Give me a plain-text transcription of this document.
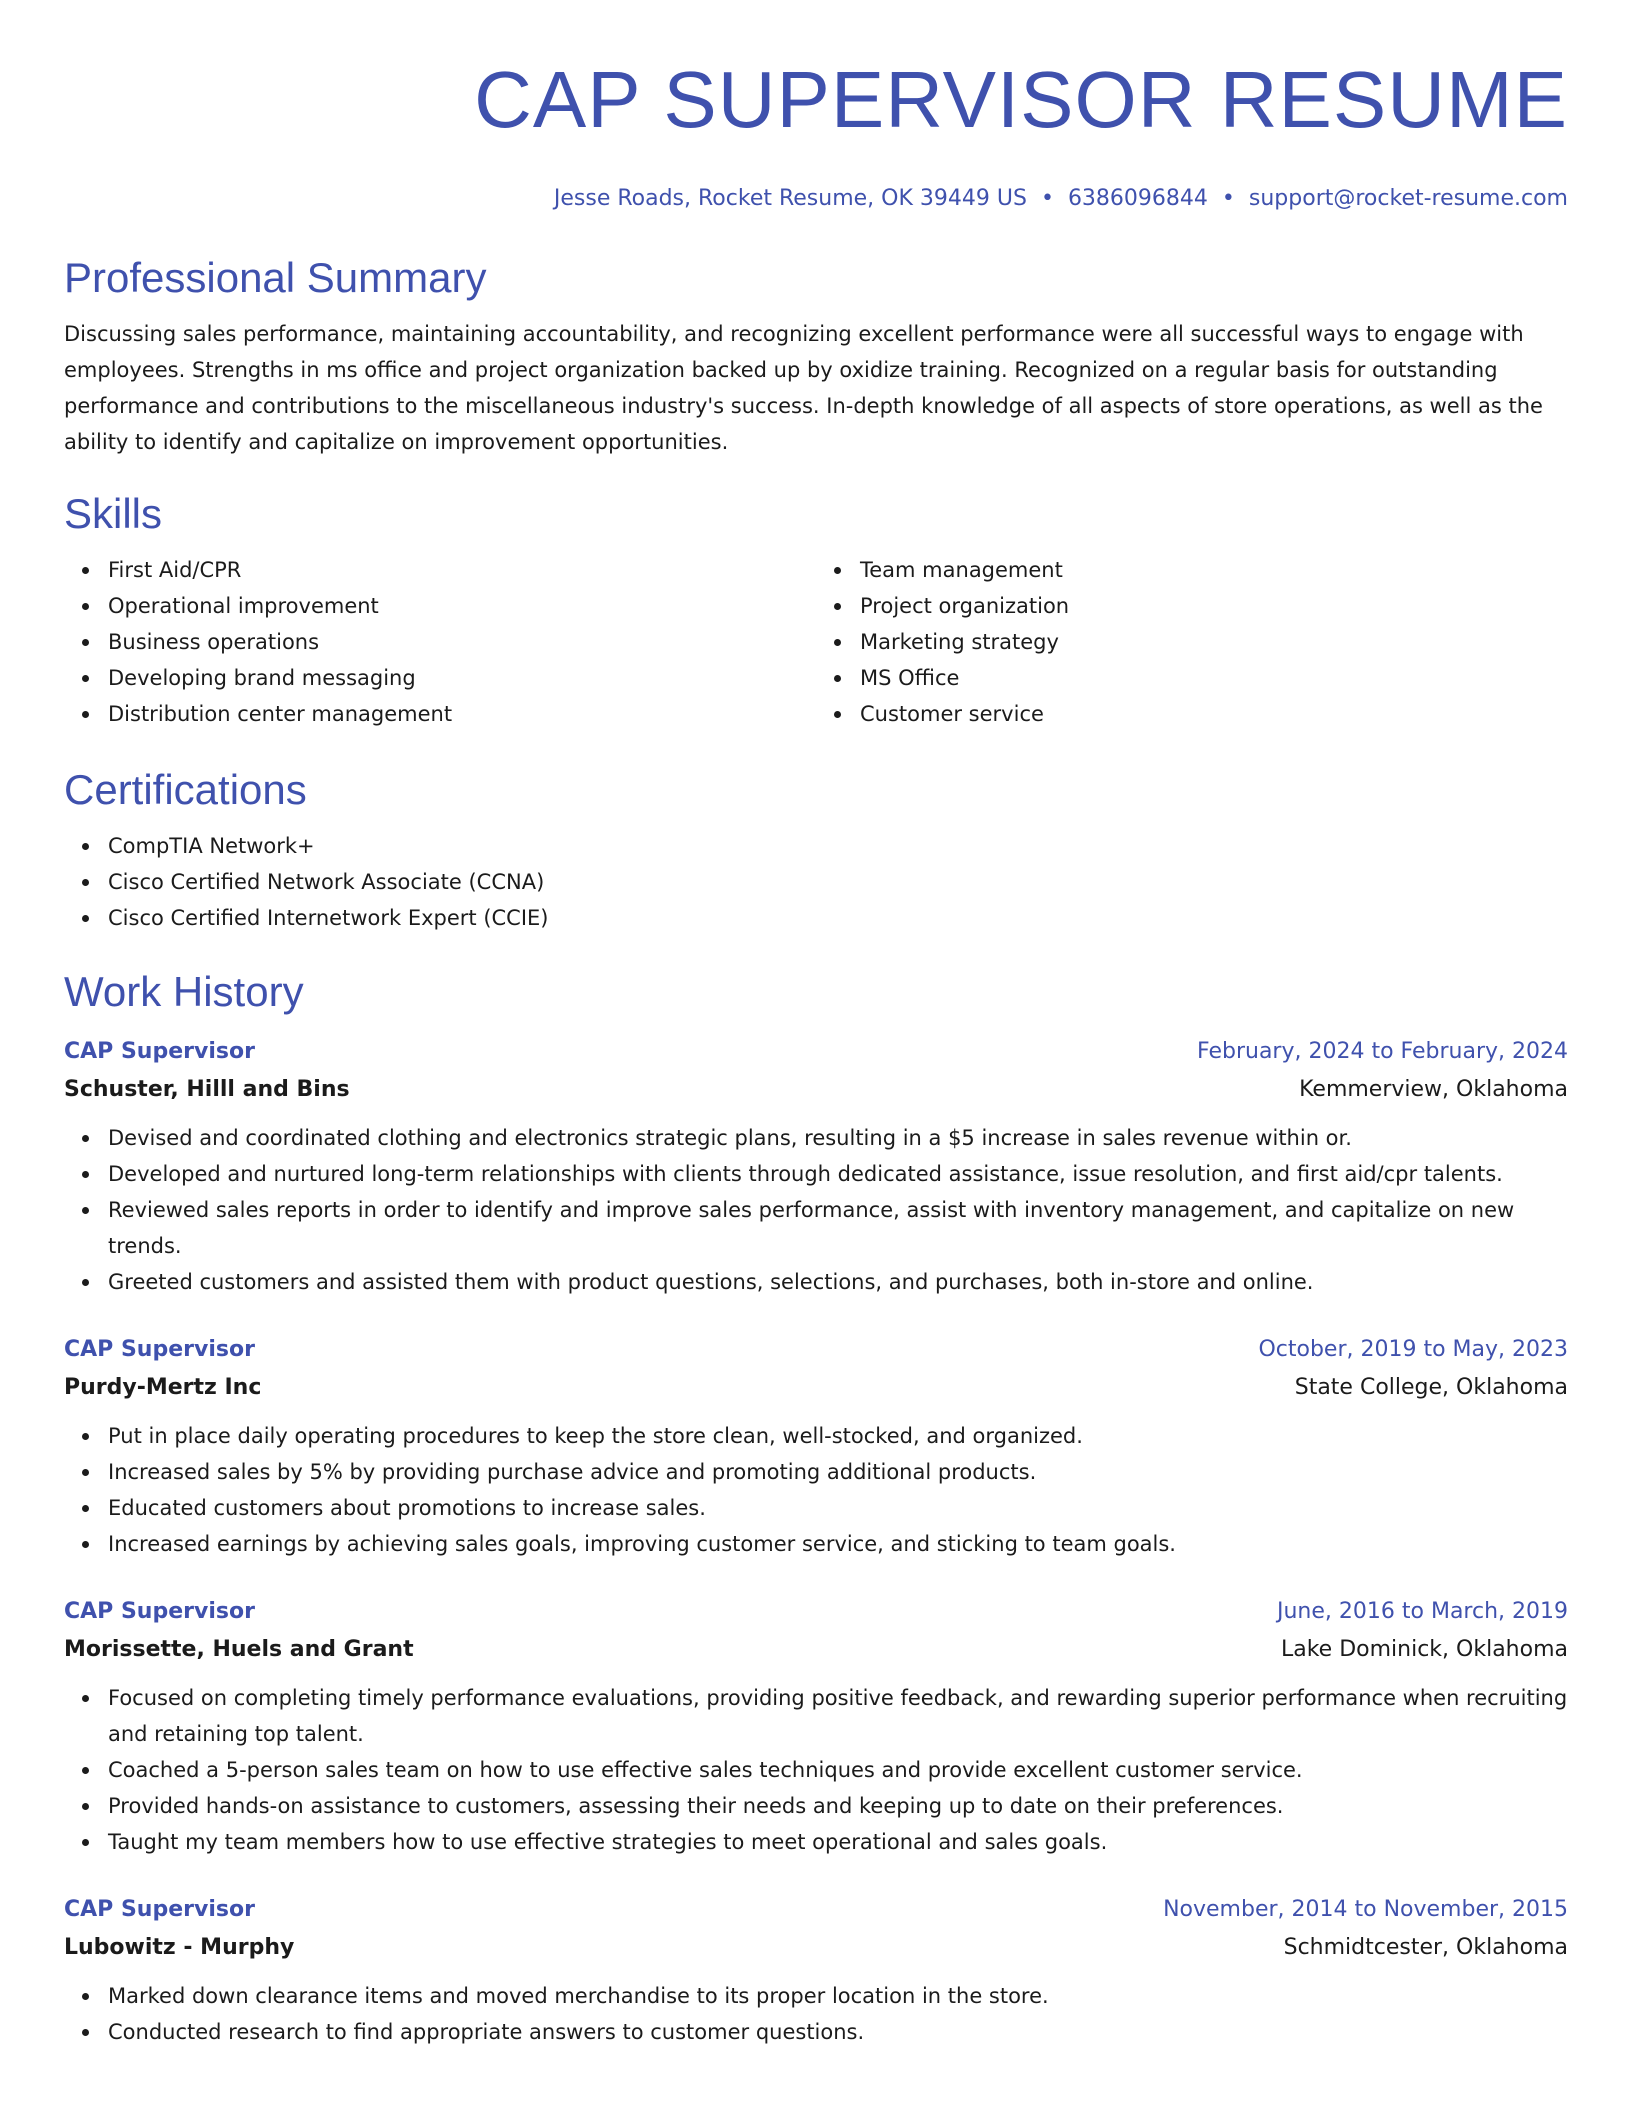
CAP SUPERVISOR RESUME
Jesse Roads, Rocket Resume, OK 39449 US • 6386096844 • support@rocket-resume.com
Professional Summary

Discussing sales performance, maintaining accountability, and recognizing excellent performance were all successful ways to engage with employees. Strengths in ms office and project organization backed up by oxidize training. Recognized on a regular basis for outstanding performance and contributions to the miscellaneous industry's success. In-depth knowledge of all aspects of store operations, as well as the ability to identify and capitalize on improvement opportunities.

Skills
First Aid/CPR
Operational improvement
Business operations
Developing brand messaging
Distribution center management
Team management
Project organization
Marketing strategy
MS Office
Customer service
Certifications
CompTIA Network+
Cisco Certified Network Associate (CCNA)
Cisco Certified Internetwork Expert (CCIE)
Work History
CAP Supervisor	February, 2024 to February, 2024
Schuster, Hilll and Bins	Kemmerview, Oklahoma
Devised and coordinated clothing and electronics strategic plans, resulting in a $5 increase in sales revenue within or.
Developed and nurtured long-term relationships with clients through dedicated assistance, issue resolution, and first aid/cpr talents.
Reviewed sales reports in order to identify and improve sales performance, assist with inventory management, and capitalize on new trends.
Greeted customers and assisted them with product questions, selections, and purchases, both in-store and online.
CAP Supervisor	October, 2019 to May, 2023
Purdy-Mertz Inc	State College, Oklahoma
Put in place daily operating procedures to keep the store clean, well-stocked, and organized.
Increased sales by 5% by providing purchase advice and promoting additional products.
Educated customers about promotions to increase sales.
Increased earnings by achieving sales goals, improving customer service, and sticking to team goals.
CAP Supervisor	June, 2016 to March, 2019
Morissette, Huels and Grant	Lake Dominick, Oklahoma
Focused on completing timely performance evaluations, providing positive feedback, and rewarding superior performance when recruiting and retaining top talent.
Coached a 5-person sales team on how to use effective sales techniques and provide excellent customer service.
Provided hands-on assistance to customers, assessing their needs and keeping up to date on their preferences.
Taught my team members how to use effective strategies to meet operational and sales goals.
CAP Supervisor	November, 2014 to November, 2015
Lubowitz - Murphy	Schmidtcester, Oklahoma
Marked down clearance items and moved merchandise to its proper location in the store.
Conducted research to find appropriate answers to customer questions.
